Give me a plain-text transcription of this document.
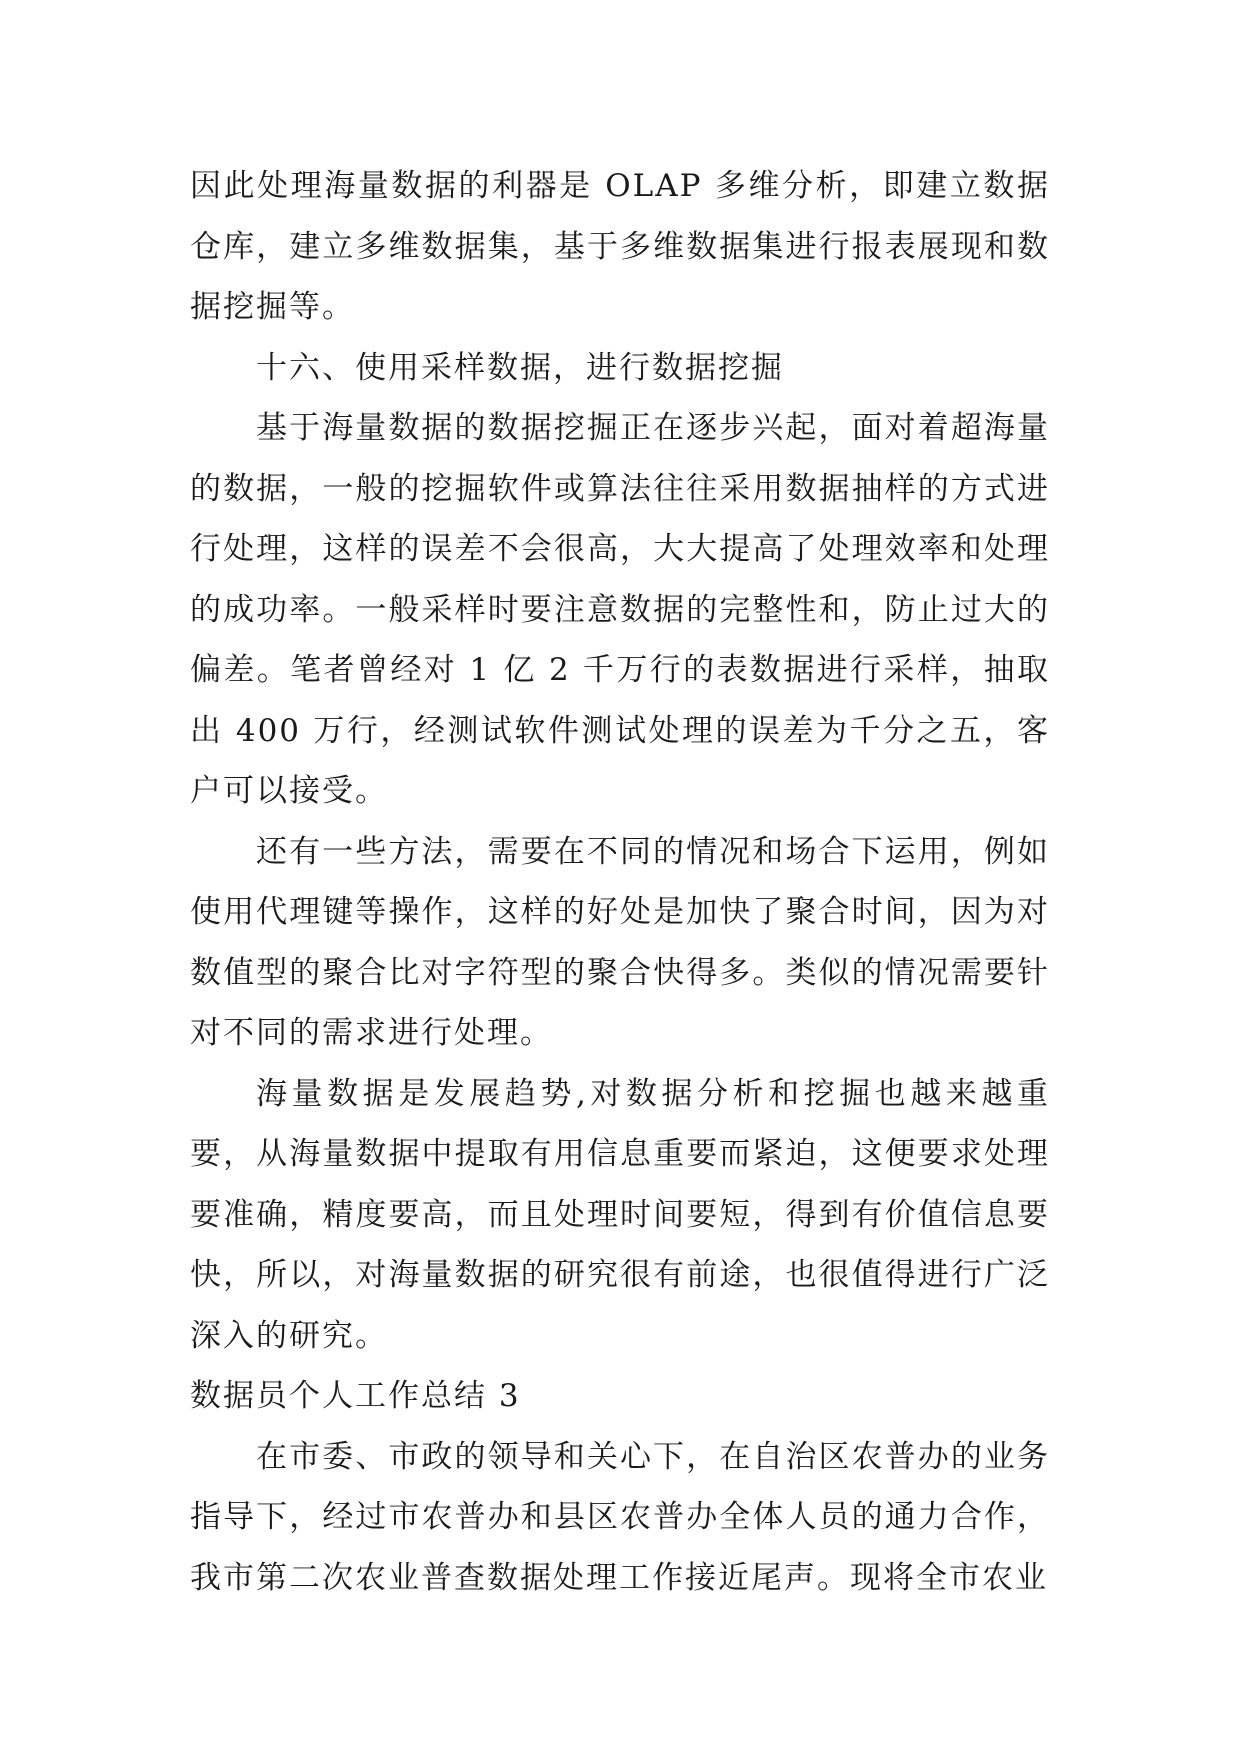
因此处理海量数据的利器是 OLAP 多维分析，即建立数据仓库，建立多维数据集，基于多维数据集进行报表展现和数据挖掘等。

十六、使用采样数据，进行数据挖掘

基于海量数据的数据挖掘正在逐步兴起，面对着超海量的数据，一般的挖掘软件或算法往往采用数据抽样的方式进行处理，这样的误差不会很高，大大提高了处理效率和处理的成功率。一般采样时要注意数据的完整性和，防止过大的偏差。笔者曾经对 1 亿 2 千万行的表数据进行采样，抽取出 400 万行，经测试软件测试处理的误差为千分之五，客户可以接受。

还有一些方法，需要在不同的情况和场合下运用，例如使用代理键等操作，这样的好处是加快了聚合时间，因为对数值型的聚合比对字符型的聚合快得多。类似的情况需要针对不同的需求进行处理。

海量数据是发展趋势,对数据分析和挖掘也越来越重要，从海量数据中提取有用信息重要而紧迫，这便要求处理要准确，精度要高，而且处理时间要短，得到有价值信息要快，所以，对海量数据的研究很有前途，也很值得进行广泛深入的研究。

数据员个人工作总结 3

在市委、市政的领导和关心下，在自治区农普办的业务指导下，经过市农普办和县区农普办全体人员的通力合作，我市第二次农业普查数据处理工作接近尾声。现将全市农业
